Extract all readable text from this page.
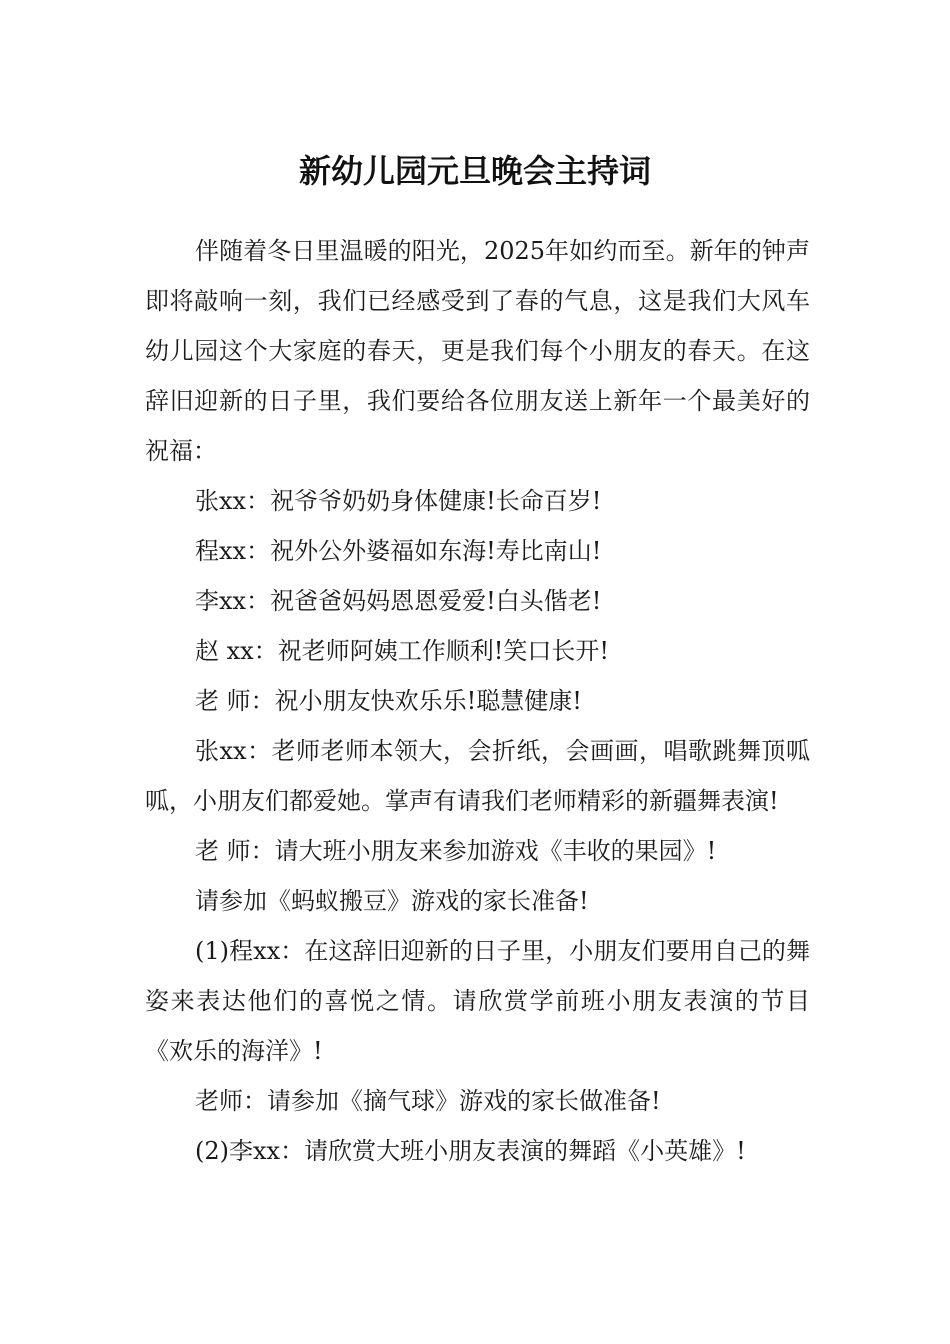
新幼儿园元旦晚会主持词

伴随着冬日里温暖的阳光，2025年如约而至。新年的钟声即将敲响一刻，我们已经感受到了春的气息，这是我们大风车幼儿园这个大家庭的春天，更是我们每个小朋友的春天。在这辞旧迎新的日子里，我们要给各位朋友送上新年一个最美好的祝福：

张xx：祝爷爷奶奶身体健康!长命百岁!

程xx：祝外公外婆福如东海!寿比南山!

李xx：祝爸爸妈妈恩恩爱爱!白头偕老!

赵 xx：祝老师阿姨工作顺利!笑口长开!

老 师：祝小朋友快欢乐乐!聪慧健康!

张xx：老师老师本领大，会折纸，会画画，唱歌跳舞顶呱呱，小朋友们都爱她。掌声有请我们老师精彩的新疆舞表演!

老 师：请大班小朋友来参加游戏《丰收的果园》!

请参加《蚂蚁搬豆》游戏的家长准备!

(1)程xx：在这辞旧迎新的日子里，小朋友们要用自己的舞姿来表达他们的喜悦之情。请欣赏学前班小朋友表演的节目《欢乐的海洋》!

老师：请参加《摘气球》游戏的家长做准备!

(2)李xx：请欣赏大班小朋友表演的舞蹈《小英雄》!
